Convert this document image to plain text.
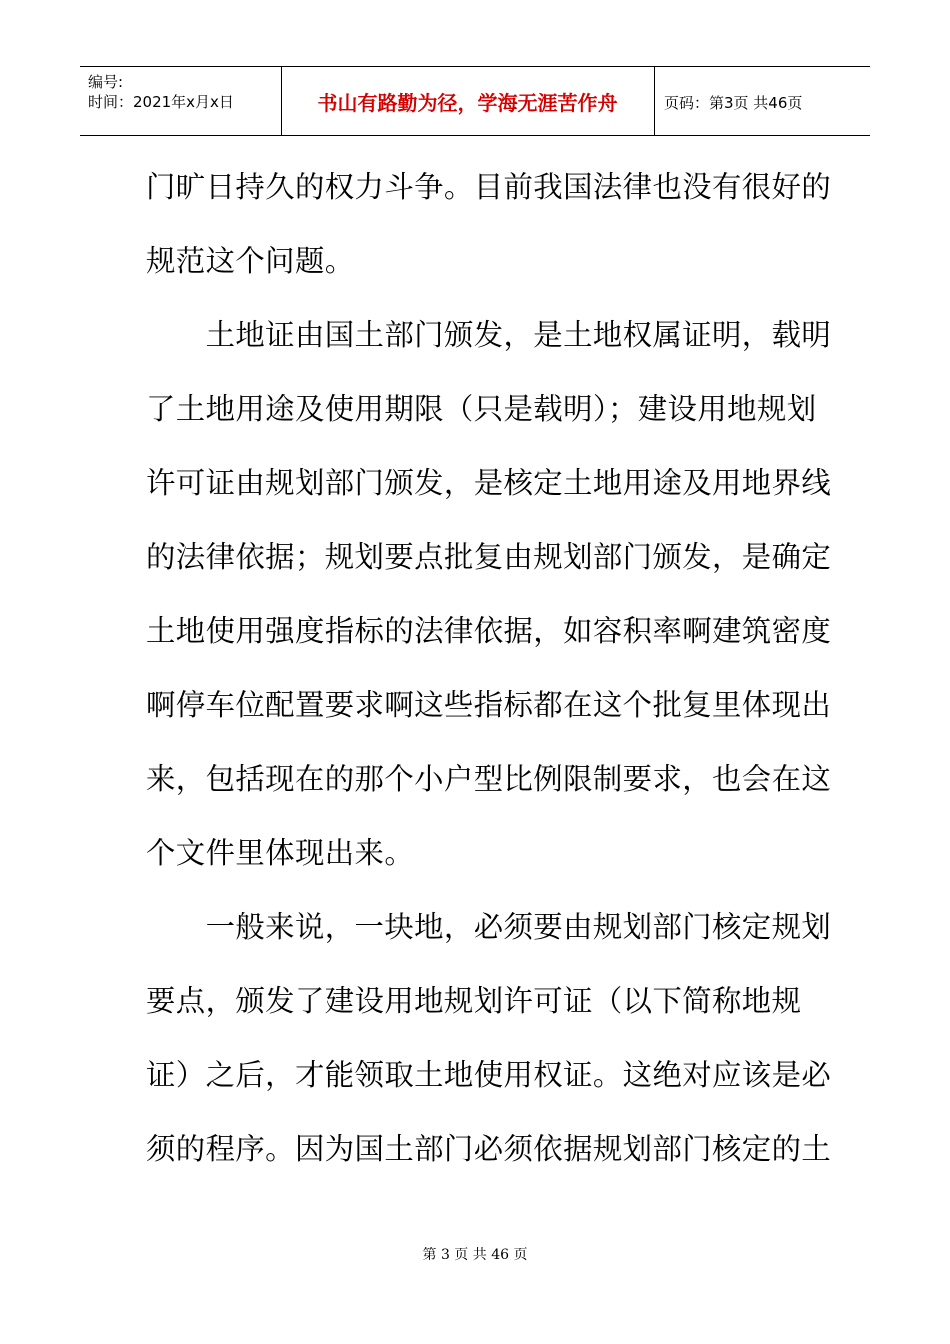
编号:
时间：2021年x月x日	书山有路勤为径，学海无涯苦作舟	页码：第3页 共46页
门旷日持久的权力斗争。目前我国法律也没有很好的
规范这个问题。
　　土地证由国土部门颁发，是土地权属证明，载明
了土地用途及使用期限（只是载明）；建设用地规划
许可证由规划部门颁发，是核定土地用途及用地界线
的法律依据；规划要点批复由规划部门颁发，是确定
土地使用强度指标的法律依据，如容积率啊建筑密度
啊停车位配置要求啊这些指标都在这个批复里体现出
来，包括现在的那个小户型比例限制要求，也会在这
个文件里体现出来。
　　一般来说，一块地，必须要由规划部门核定规划
要点，颁发了建设用地规划许可证（以下简称地规
证）之后，才能领取土地使用权证。这绝对应该是必
须的程序。因为国土部门必须依据规划部门核定的土
第 3 页 共 46 页
